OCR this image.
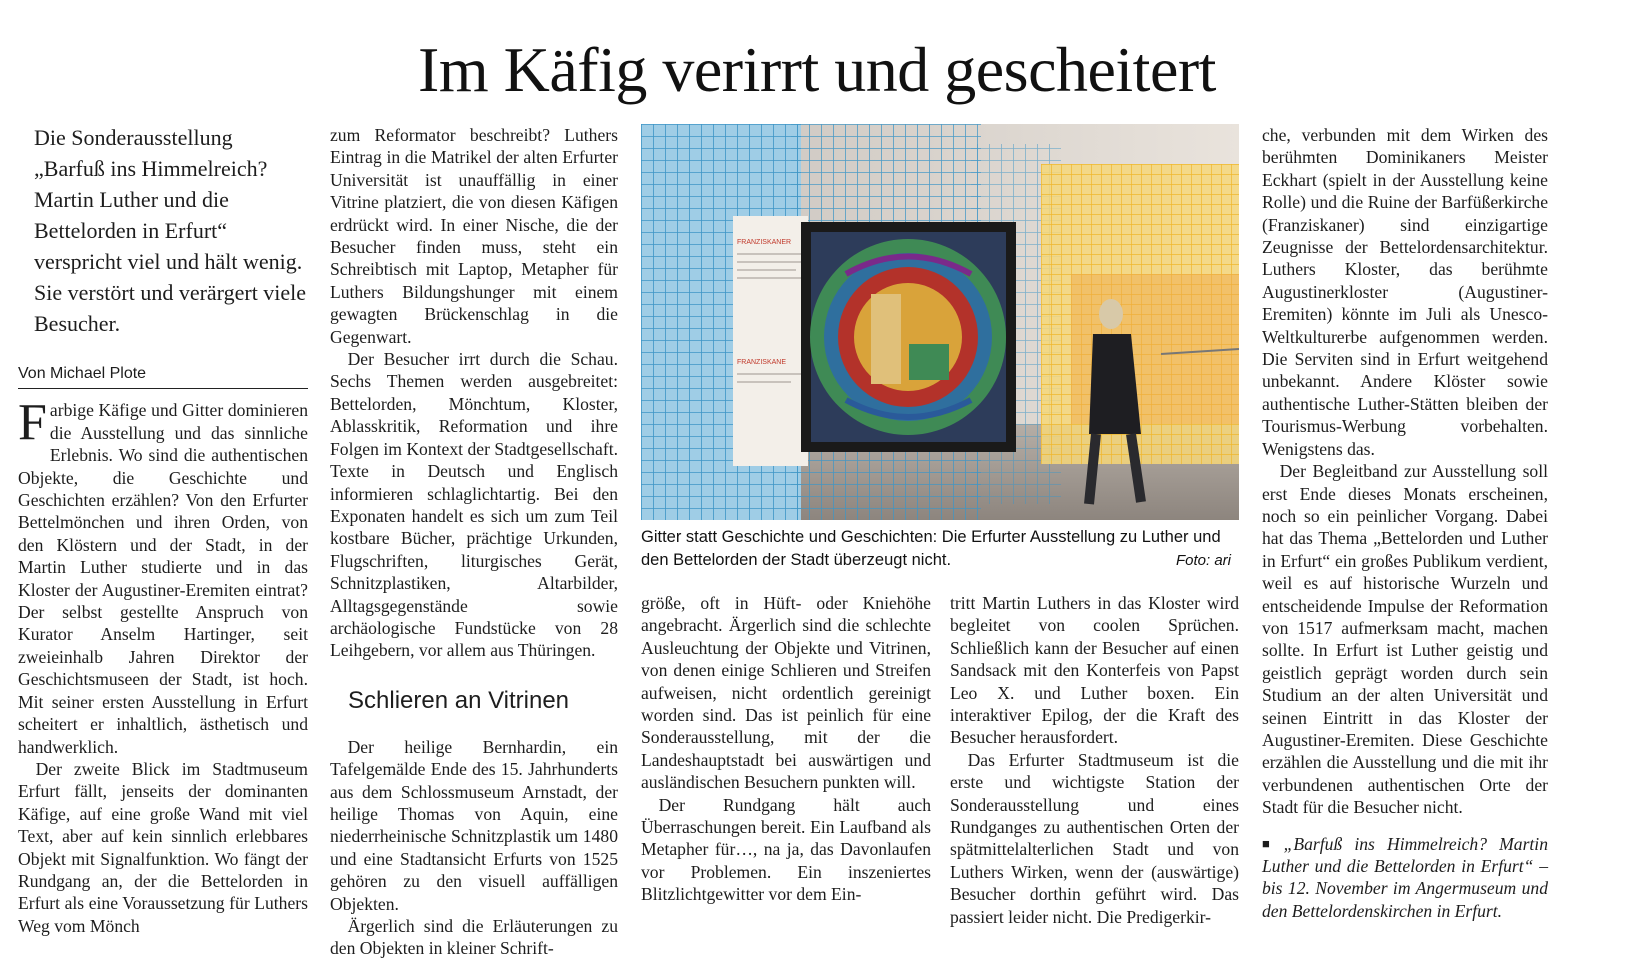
Im Käfig verirrt und gescheitert
Die Sonderausstellung „Barfuß ins Himmelreich? Martin Luther und die Bettelorden in Erfurt“ verspricht viel und hält wenig. Sie verstört und verärgert viele Besucher.
Von Michael Plote

Farbige Käfige und Gitter dominieren die Ausstellung und das sinnliche Erlebnis. Wo sind die authentischen Objekte, die Geschichte und Geschichten erzählen? Von den Erfurter Bettelmönchen und ihren Orden, von den Klöstern und der Stadt, in der Martin Luther studierte und in das Kloster der Augustiner-Eremiten eintrat? Der selbst gestellte Anspruch von Kurator Anselm Hartinger, seit zweieinhalb Jahren Direktor der Geschichtsmuseen der Stadt, ist hoch. Mit seiner ersten Ausstellung in Erfurt scheitert er inhaltlich, ästhetisch und handwerklich.

Der zweite Blick im Stadtmuseum Erfurt fällt, jenseits der dominanten Käfige, auf eine große Wand mit viel Text, aber auf kein sinnlich erlebbares Objekt mit Signalfunktion. Wo fängt der Rundgang an, der die Bettelorden in Erfurt als eine Voraussetzung für Luthers Weg vom Mönch

zum Reformator beschreibt? Luthers Eintrag in die Matrikel der alten Erfurter Universität ist unauffällig in einer Vitrine platziert, die von diesen Käfigen erdrückt wird. In einer Nische, die der Besucher finden muss, steht ein Schreibtisch mit Laptop, Metapher für Luthers Bildungshunger mit einem gewagten Brückenschlag in die Gegenwart.

Der Besucher irrt durch die Schau. Sechs Themen werden ausgebreitet: Bettelorden, Mönchtum, Kloster, Ablasskritik, Reformation und ihre Folgen im Kontext der Stadtgesellschaft. Texte in Deutsch und Englisch informieren schlaglichtartig. Bei den Exponaten handelt es sich um zum Teil kostbare Bücher, prächtige Urkunden, Flugschriften, liturgisches Gerät, Schnitzplastiken, Altarbilder, Alltagsgegenstände sowie archäologische Fundstücke von 28 Leihgebern, vor allem aus Thüringen.

Schlieren an Vitrinen

Der heilige Bernhardin, ein Tafelgemälde Ende des 15. Jahrhunderts aus dem Schlossmuseum Arnstadt, der heilige Thomas von Aquin, eine niederrheinische Schnitzplastik um 1480 und eine Stadtansicht Erfurts von 1525 gehören zu den visuell auffälligen Objekten.

Ärgerlich sind die Erläuterungen zu den Objekten in kleiner Schrift-

FRANZISKANER
FRANZISKANE
Gitter statt Geschichte und Geschichten: Die Erfurter Ausstellung zu Luther und den Bettelorden der Stadt überzeugt nicht.	Foto: ari

größe, oft in Hüft- oder Kniehöhe angebracht. Ärgerlich sind die schlechte Ausleuchtung der Objekte und Vitrinen, von denen einige Schlieren und Streifen aufweisen, nicht ordentlich gereinigt worden sind. Das ist peinlich für eine Sonderausstellung, mit der die Landeshauptstadt bei auswärtigen und ausländischen Besuchern punkten will.

Der Rundgang hält auch Überraschungen bereit. Ein Laufband als Metapher für…, na ja, das Davonlaufen vor Problemen. Ein inszeniertes Blitzlichtgewitter vor dem Ein-

tritt Martin Luthers in das Kloster wird begleitet von coolen Sprüchen. Schließlich kann der Besucher auf einen Sandsack mit den Konterfeis von Papst Leo X. und Luther boxen. Ein interaktiver Epilog, der die Kraft des Besucher herausfordert.

Das Erfurter Stadtmuseum ist die erste und wichtigste Station der Sonderausstellung und eines Rundganges zu authentischen Orten der spätmittelalterlichen Stadt und von Luthers Wirken, wenn der (auswärtige) Besucher dorthin geführt wird. Das passiert leider nicht. Die Predigerkir-

che, verbunden mit dem Wirken des berühmten Dominikaners Meister Eckhart (spielt in der Ausstellung keine Rolle) und die Ruine der Barfüßerkirche (Franziskaner) sind einzigartige Zeugnisse der Bettelordensarchitektur. Luthers Kloster, das berühmte Augustinerkloster (Augustiner-Eremiten) könnte im Juli als Unesco-Weltkulturerbe aufgenommen werden. Die Serviten sind in Erfurt weitgehend unbekannt. Andere Klöster sowie authentische Luther-Stätten bleiben der Tourismus-Werbung vorbehalten. Wenigstens das.

Der Begleitband zur Ausstellung soll erst Ende dieses Monats erscheinen, noch so ein peinlicher Vorgang. Dabei hat das Thema „Bettelorden und Luther in Erfurt“ ein großes Publikum verdient, weil es auf historische Wurzeln und entscheidende Impulse der Reformation von 1517 aufmerksam macht, machen sollte. In Erfurt ist Luther geistig und geistlich geprägt worden durch sein Studium an der alten Universität und seinen Eintritt in das Kloster der Augustiner-Eremiten. Diese Geschichte erzählen die Ausstellung und die mit ihr verbundenen authentischen Orte der Stadt für die Besucher nicht.

■ „Barfuß ins Himmelreich? Martin Luther und die Bettelorden in Erfurt“ – bis 12. November im Angermuseum und den Bettelordenskirchen in Erfurt.
